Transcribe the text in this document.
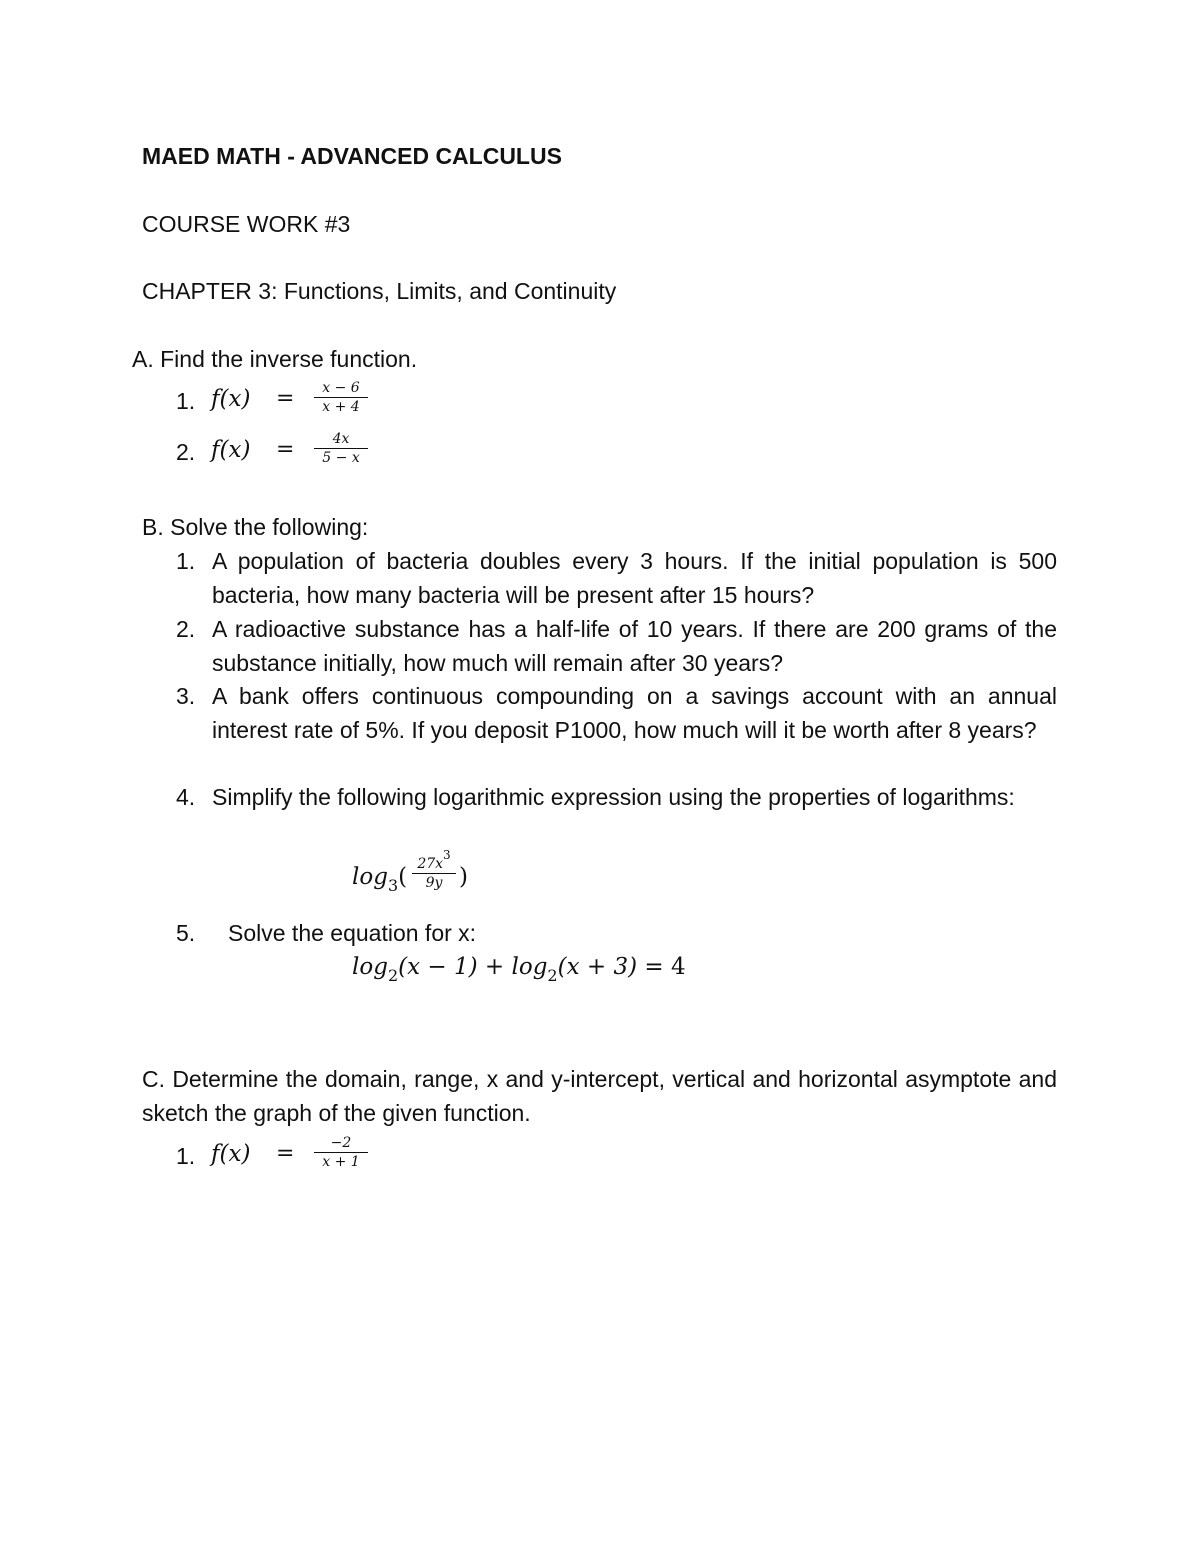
MAED MATH - ADVANCED CALCULUS
COURSE WORK #3
CHAPTER 3: Functions, Limits, and Continuity
A. Find the inverse function.
1. f(x) =	x − 6
x + 4
2. f(x) =	4x
5 − x
B. Solve the following:
1. A population of bacteria doubles every 3 hours. If the initial population is 500 bacteria, how many bacteria will be present after 15 hours?
2. A radioactive substance has a half-life of 10 years. If there are 200 grams of the substance initially, how much will remain after 30 years?
3. A bank offers continuous compounding on a savings account with an annual interest rate of 5%. If you deposit P1000, how much will it be worth after 8 years?
4. Simplify the following logarithmic expression using the properties of logarithms:
$\log_3$( 27x3
9y )
5. Solve the equation for x:
$\log_2(x - 1) + \log_2(x + 3) = 4$
C. Determine the domain, range, x and y-intercept, vertical and horizontal asymptote and sketch the graph of the given function.
1. f(x) =	−2
x + 1
